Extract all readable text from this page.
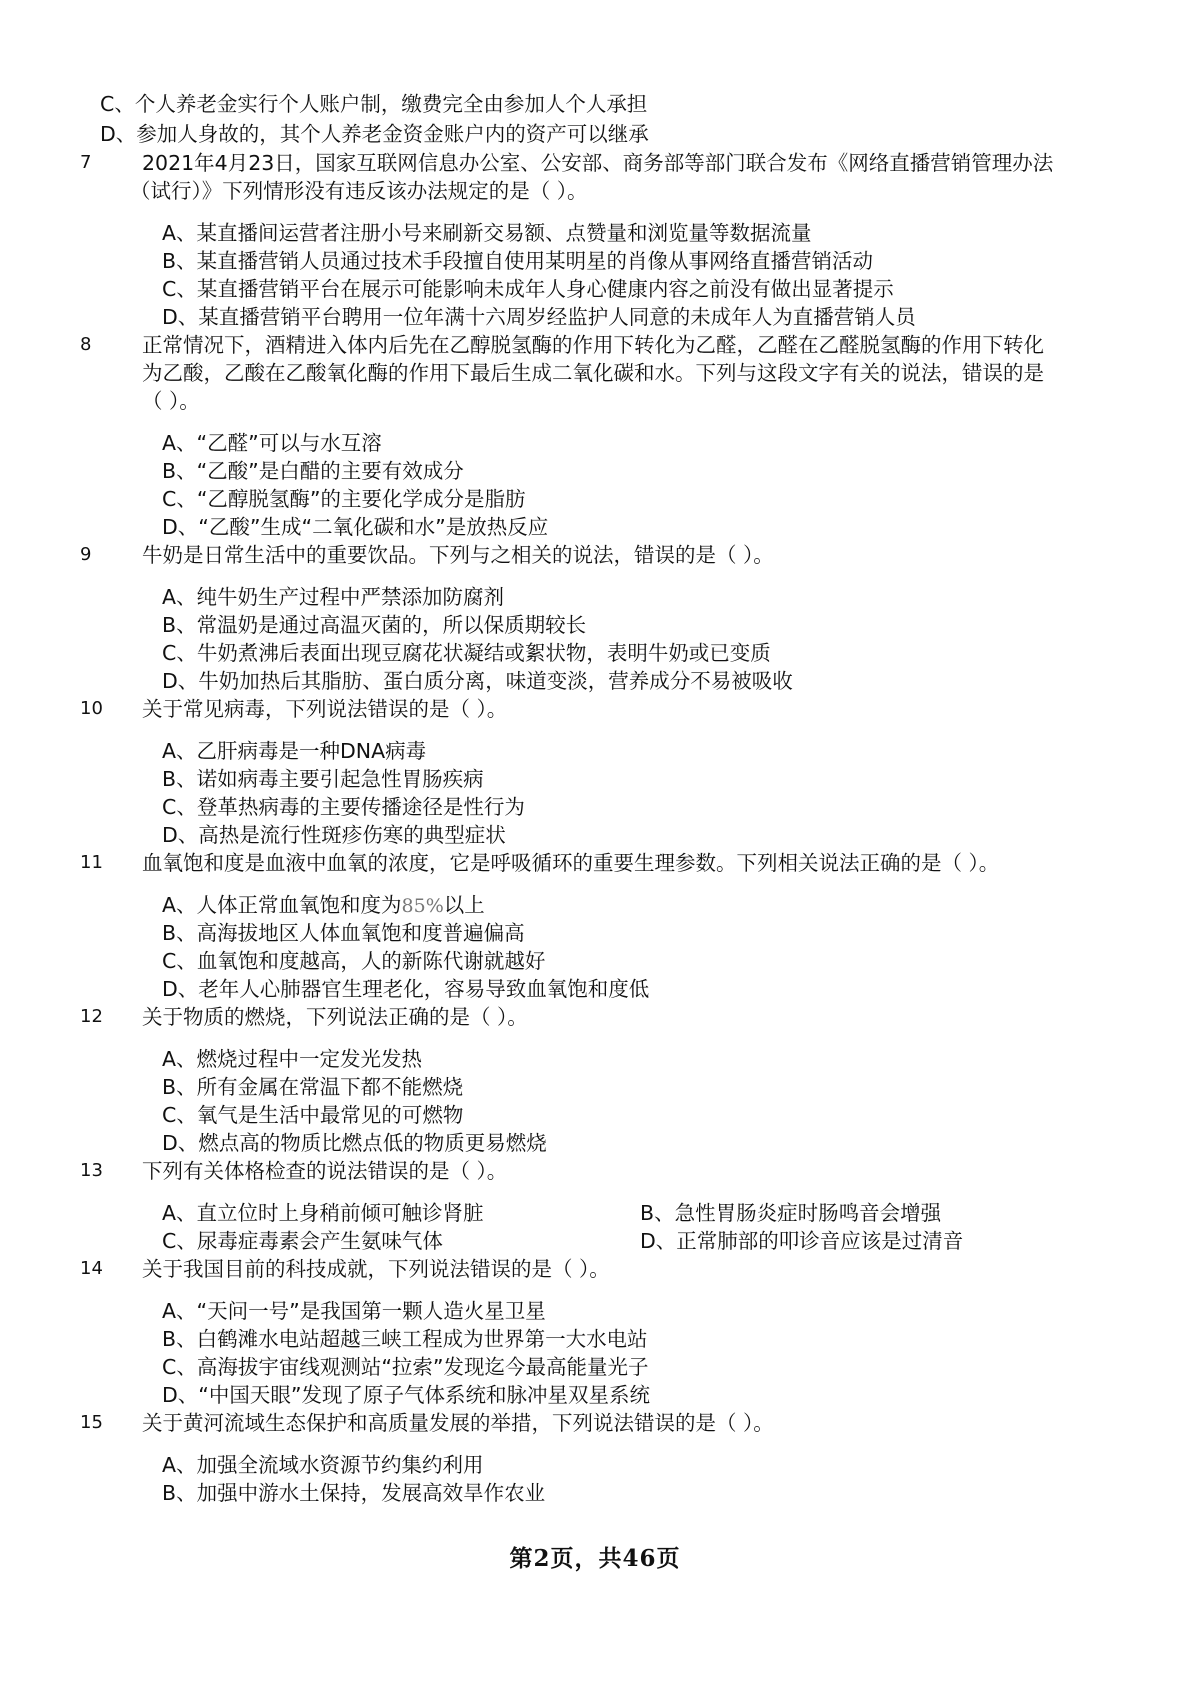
C、个人养老金实行个人账户制，缴费完全由参加人个人承担
D、参加人身故的，其个人养老金资金账户内的资产可以继承
7 2021年4月23日，国家互联网信息办公室、公安部、商务部等部门联合发布《网络直播营销管理办法
（试行）》下列情形没有违反该办法规定的是（ ）。
A、某直播间运营者注册小号来刷新交易额、点赞量和浏览量等数据流量
B、某直播营销人员通过技术手段擅自使用某明星的肖像从事网络直播营销活动
C、某直播营销平台在展示可能影响未成年人身心健康内容之前没有做出显著提示
D、某直播营销平台聘用一位年满十六周岁经监护人同意的未成年人为直播营销人员
8 正常情况下，酒精进入体内后先在乙醇脱氢酶的作用下转化为乙醛，乙醛在乙醛脱氢酶的作用下转化
为乙酸，乙酸在乙酸氧化酶的作用下最后生成二氧化碳和水。下列与这段文字有关的说法，错误的是
（ ）。
A、“乙醛”可以与水互溶
B、“乙酸”是白醋的主要有效成分
C、“乙醇脱氢酶”的主要化学成分是脂肪
D、“乙酸”生成“二氧化碳和水”是放热反应
9 牛奶是日常生活中的重要饮品。下列与之相关的说法，错误的是（ ）。
A、纯牛奶生产过程中严禁添加防腐剂
B、常温奶是通过高温灭菌的，所以保质期较长
C、牛奶煮沸后表面出现豆腐花状凝结或絮状物，表明牛奶或已变质
D、牛奶加热后其脂肪、蛋白质分离，味道变淡，营养成分不易被吸收
10 关于常见病毒，下列说法错误的是（ ）。
A、乙肝病毒是一种DNA病毒
B、诺如病毒主要引起急性胃肠疾病
C、登革热病毒的主要传播途径是性行为
D、高热是流行性斑疹伤寒的典型症状
11 血氧饱和度是血液中血氧的浓度，它是呼吸循环的重要生理参数。下列相关说法正确的是（ ）。
A、人体正常血氧饱和度为85%以上
B、高海拔地区人体血氧饱和度普遍偏高
C、血氧饱和度越高，人的新陈代谢就越好
D、老年人心肺器官生理老化，容易导致血氧饱和度低
12 关于物质的燃烧，下列说法正确的是（ ）。
A、燃烧过程中一定发光发热
B、所有金属在常温下都不能燃烧
C、氧气是生活中最常见的可燃物
D、燃点高的物质比燃点低的物质更易燃烧
13 下列有关体格检查的说法错误的是（ ）。
A、直立位时上身稍前倾可触诊肾脏	B、急性胃肠炎症时肠鸣音会增强
C、尿毒症毒素会产生氨味气体	D、正常肺部的叩诊音应该是过清音
14 关于我国目前的科技成就，下列说法错误的是（ ）。
A、“天问一号”是我国第一颗人造火星卫星
B、白鹤滩水电站超越三峡工程成为世界第一大水电站
C、高海拔宇宙线观测站“拉索”发现迄今最高能量光子
D、“中国天眼”发现了原子气体系统和脉冲星双星系统
15 关于黄河流域生态保护和高质量发展的举措，下列说法错误的是（ ）。
A、加强全流域水资源节约集约利用
B、加强中游水土保持，发展高效旱作农业
第2页，共46页
